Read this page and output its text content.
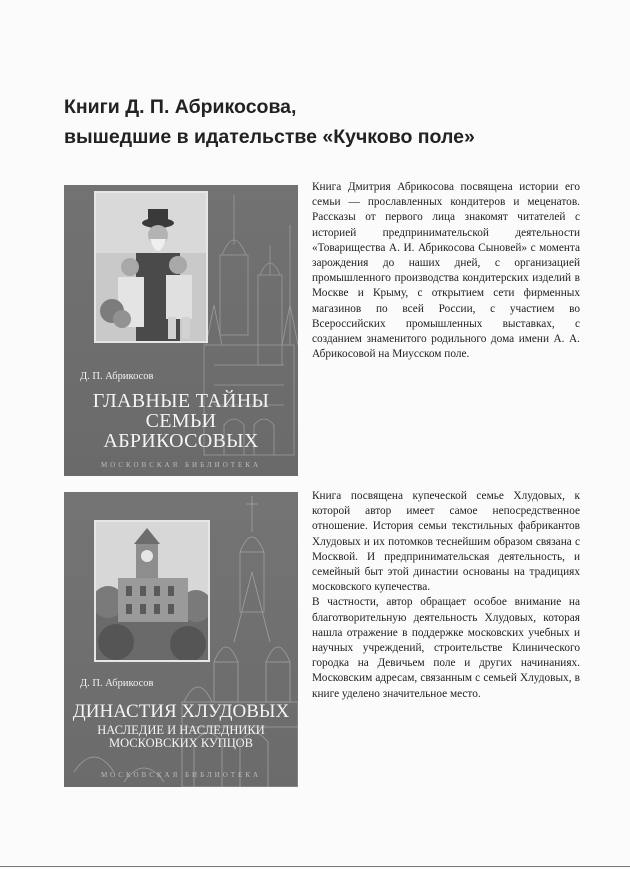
Книги Д. П. Абрикосова,
вышедшие в идательстве «Кучково поле»
Д. П. Абрикосов
ГЛАВНЫЕ ТАЙНЫ
СЕМЬИ
АБРИКОСОВЫХ
МОСКОВСКАЯ БИБЛИОТЕКА

Книга Дмитрия Абрикосова посвящена истории его семьи — прославленных кондитеров и меценатов. Рассказы от первого лица знакомят читателей с историей предпринимательской деятельности «Товарищества А. И. Абрикосова Сыновей» с момента зарождения до наших дней, с организацией промышленного производства кондитерских изделий в Москве и Крыму, с открытием сети фирменных магазинов по всей России, с участием во Всероссийских промышленных выставках, с созданием знаменитого родильного дома имени А. А. Абрикосовой на Миусском поле.

Д. П. Абрикосов
ДИНАСТИЯ ХЛУДОВЫХ
НАСЛЕДИЕ И НАСЛЕДНИКИ
МОСКОВСКИХ КУПЦОВ
МОСКОВСКАЯ БИБЛИОТЕКА

Книга посвящена купеческой семье Хлудовых, к которой автор имеет самое непосредственное отношение. История семьи текстильных фабрикантов Хлудовых и их потомков теснейшим образом связана с Москвой. И предпринимательская деятельность, и семейный быт этой династии основаны на традициях московского купечества.

В частности, автор обращает особое внимание на благотворительную деятельность Хлудовых, которая нашла отражение в поддержке московских учебных и научных учреждений, строительстве Клинического городка на Девичьем поле и других начинаниях. Московским адресам, связанным с семьей Хлудовых, в книге уделено значительное место.
